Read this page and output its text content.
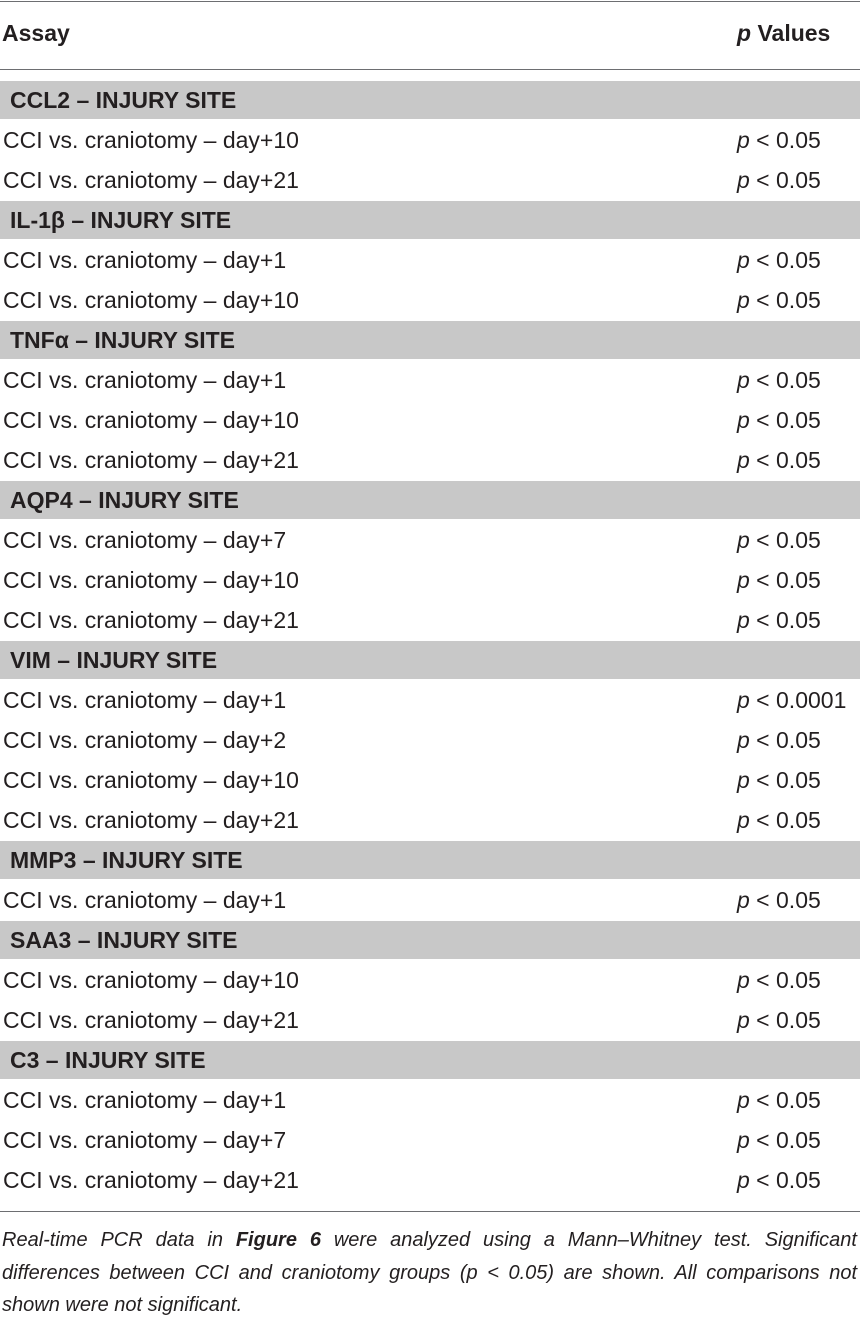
Assay	p Values
CCL2 – INJURY SITE
CCI vs. craniotomy – day+10	p < 0.05
CCI vs. craniotomy – day+21	p < 0.05
IL-1β – INJURY SITE
CCI vs. craniotomy – day+1	p < 0.05
CCI vs. craniotomy – day+10	p < 0.05
TNFα – INJURY SITE
CCI vs. craniotomy – day+1	p < 0.05
CCI vs. craniotomy – day+10	p < 0.05
CCI vs. craniotomy – day+21	p < 0.05
AQP4 – INJURY SITE
CCI vs. craniotomy – day+7	p < 0.05
CCI vs. craniotomy – day+10	p < 0.05
CCI vs. craniotomy – day+21	p < 0.05
VIM – INJURY SITE
CCI vs. craniotomy – day+1	p < 0.0001
CCI vs. craniotomy – day+2	p < 0.05
CCI vs. craniotomy – day+10	p < 0.05
CCI vs. craniotomy – day+21	p < 0.05
MMP3 – INJURY SITE
CCI vs. craniotomy – day+1	p < 0.05
SAA3 – INJURY SITE
CCI vs. craniotomy – day+10	p < 0.05
CCI vs. craniotomy – day+21	p < 0.05
C3 – INJURY SITE
CCI vs. craniotomy – day+1	p < 0.05
CCI vs. craniotomy – day+7	p < 0.05
CCI vs. craniotomy – day+21	p < 0.05
Real-time PCR data in Figure 6 were analyzed using a Mann–Whitney test. Significant differences between CCI and craniotomy groups (p < 0.05) are shown. All comparisons not shown were not significant.
